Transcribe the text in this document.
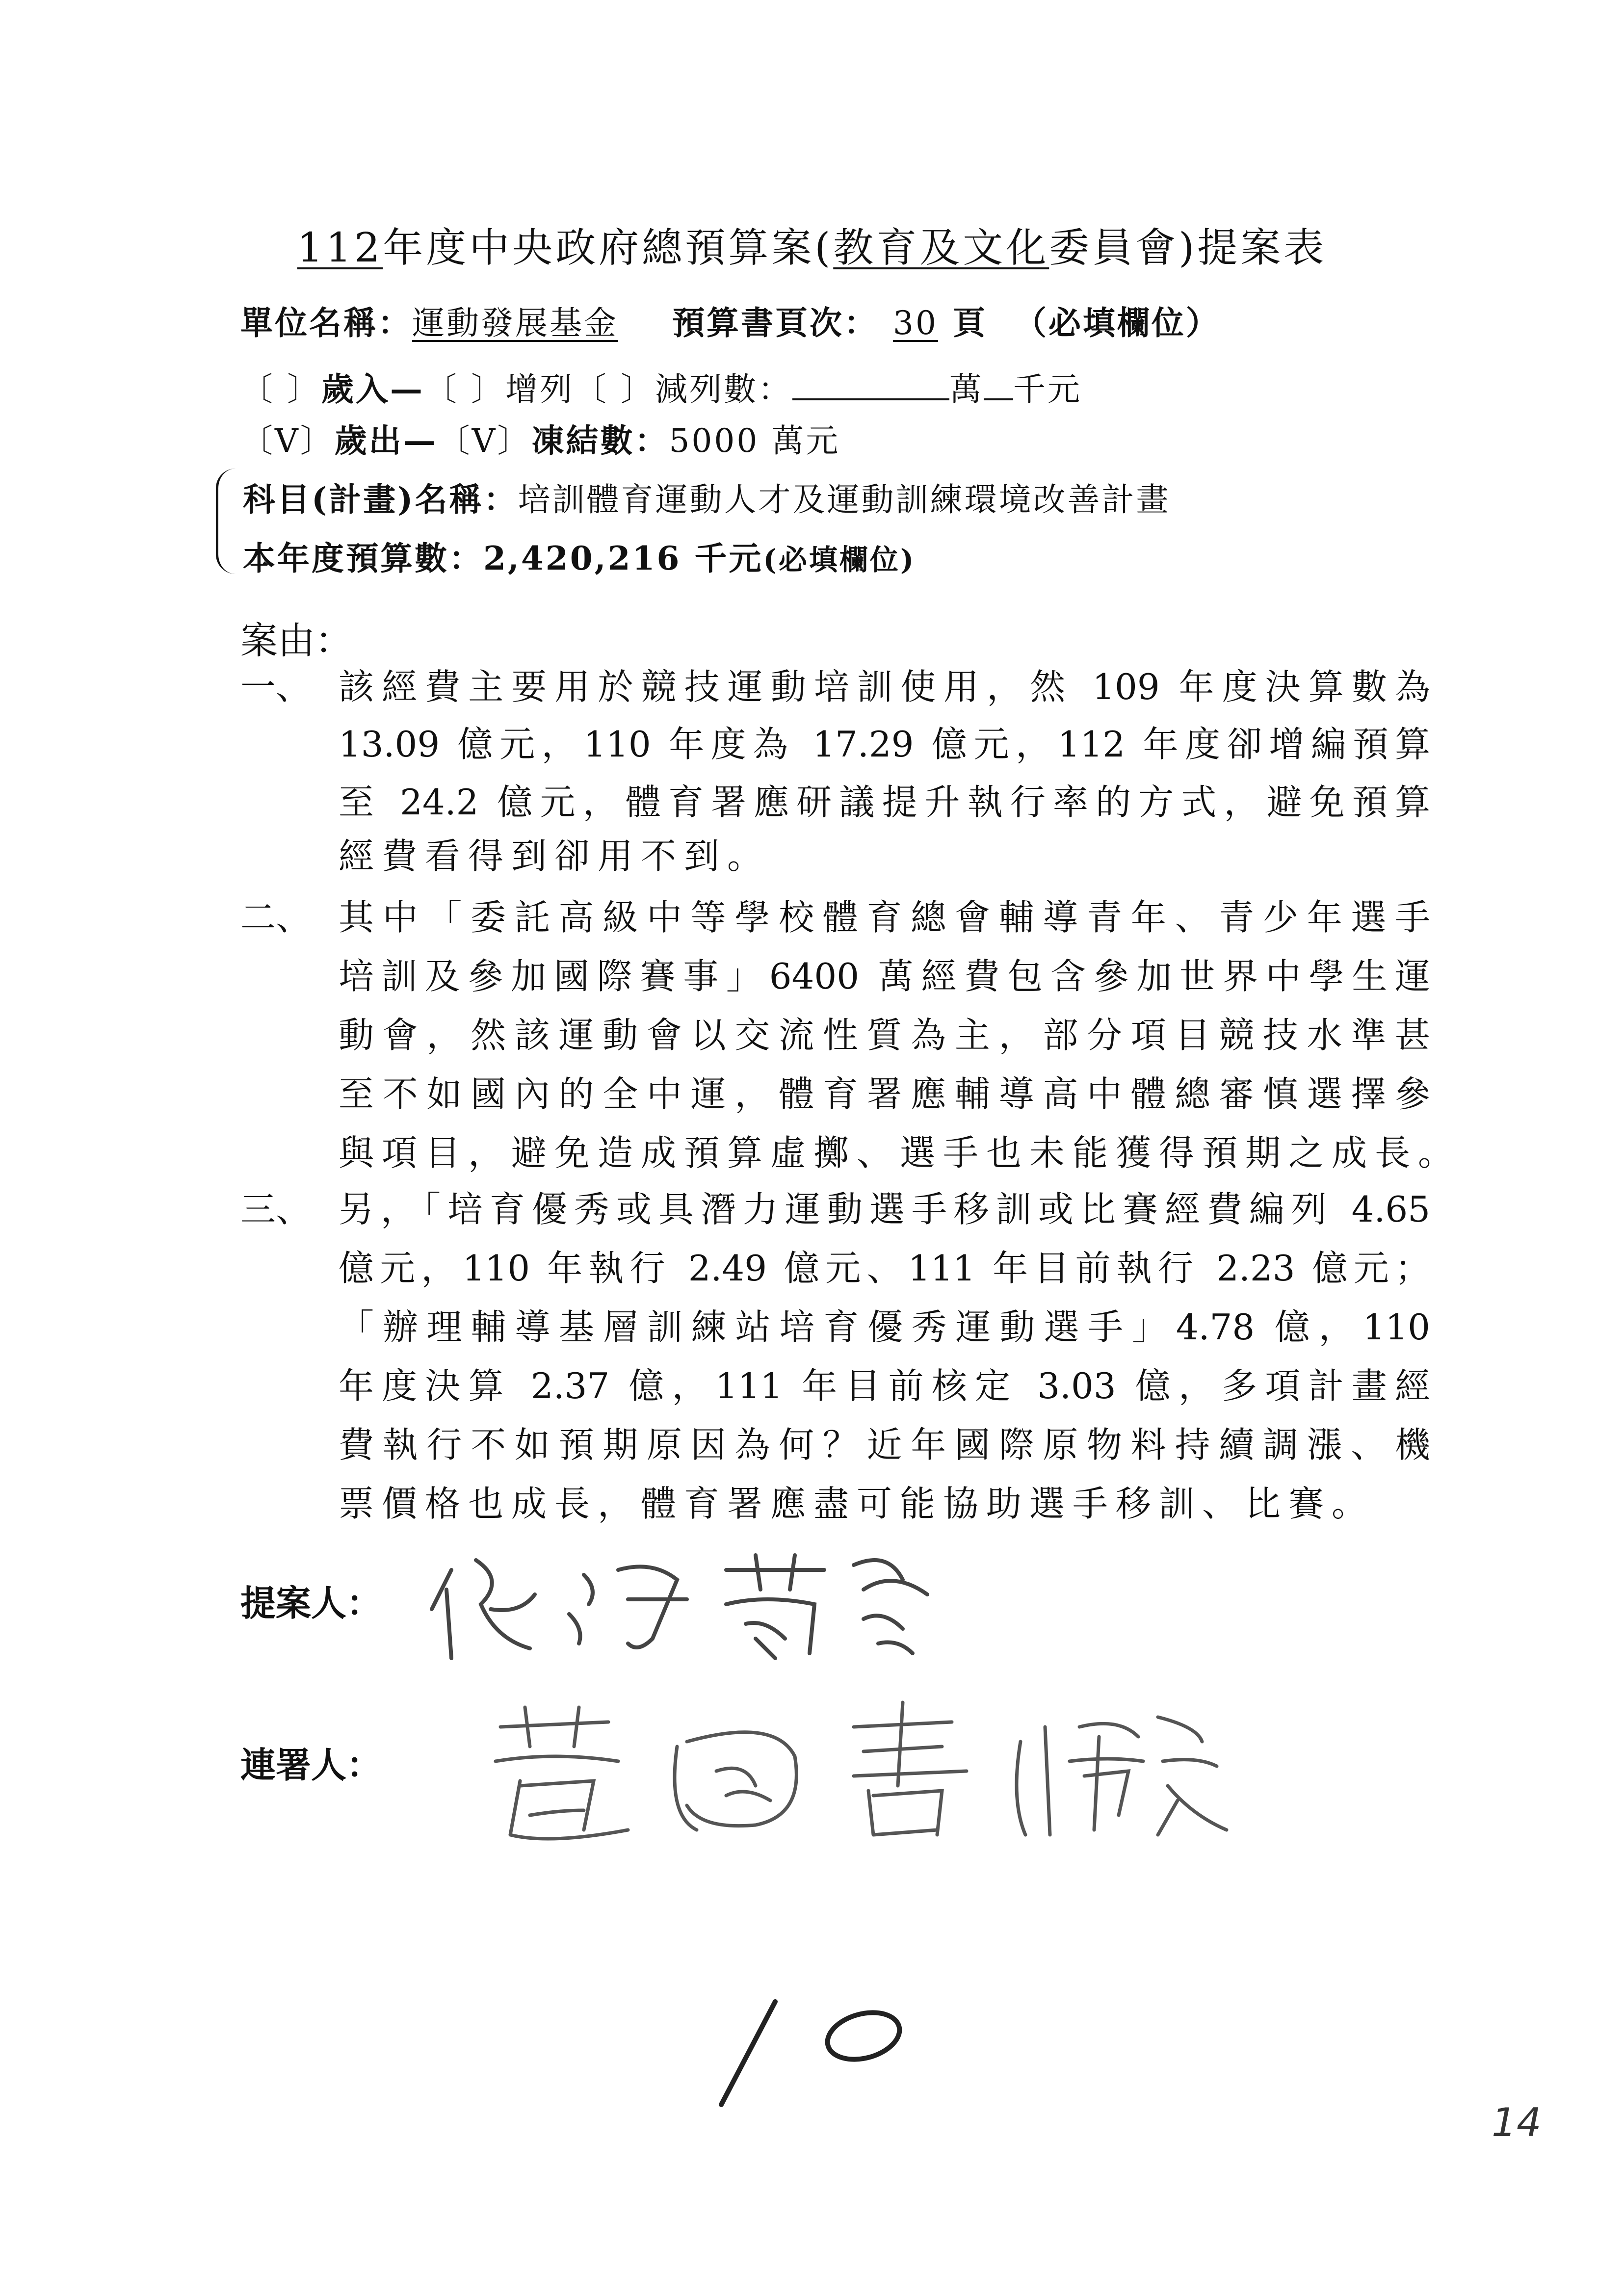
112年度中央政府總預算案(教育及文化委員會)提案表
單位名稱：運動發展基金 預算書頁次： 30 頁 （必填欄位）
〔 〕歲入—〔 〕增列〔 〕減列數：	萬 千元
〔V〕歲出—〔V〕凍結數：5000 萬元
科目(計畫)名稱：培訓體育運動人才及運動訓練環境改善計畫
本年度預算數：2,420,216 千元(必填欄位)
案由：
一、 該經費主要用於競技運動培訓使用，然 109 年度決算數為
13.09 億元，110 年度為 17.29 億元，112 年度卻增編預算
至 24.2 億元，體育署應研議提升執行率的方式，避免預算
經費看得到卻用不到。
二、 其中「委託高級中等學校體育總會輔導青年、青少年選手
培訓及參加國際賽事」6400 萬經費包含參加世界中學生運
動會，然該運動會以交流性質為主，部分項目競技水準甚
至不如國內的全中運，體育署應輔導高中體總審慎選擇參
與項目，避免造成預算虛擲、選手也未能獲得預期之成長。
三、 另，「培育優秀或具潛力運動選手移訓或比賽經費編列 4.65
億元，110 年執行 2.49 億元、111 年目前執行 2.23 億元；
「辦理輔導基層訓練站培育優秀運動選手」4.78 億，110
年度決算 2.37 億，111 年目前核定 3.03 億，多項計畫經
費執行不如預期原因為何？近年國際原物料持續調漲、機
票價格也成長，體育署應盡可能協助選手移訓、比賽。
提案人：
連署人：
14
